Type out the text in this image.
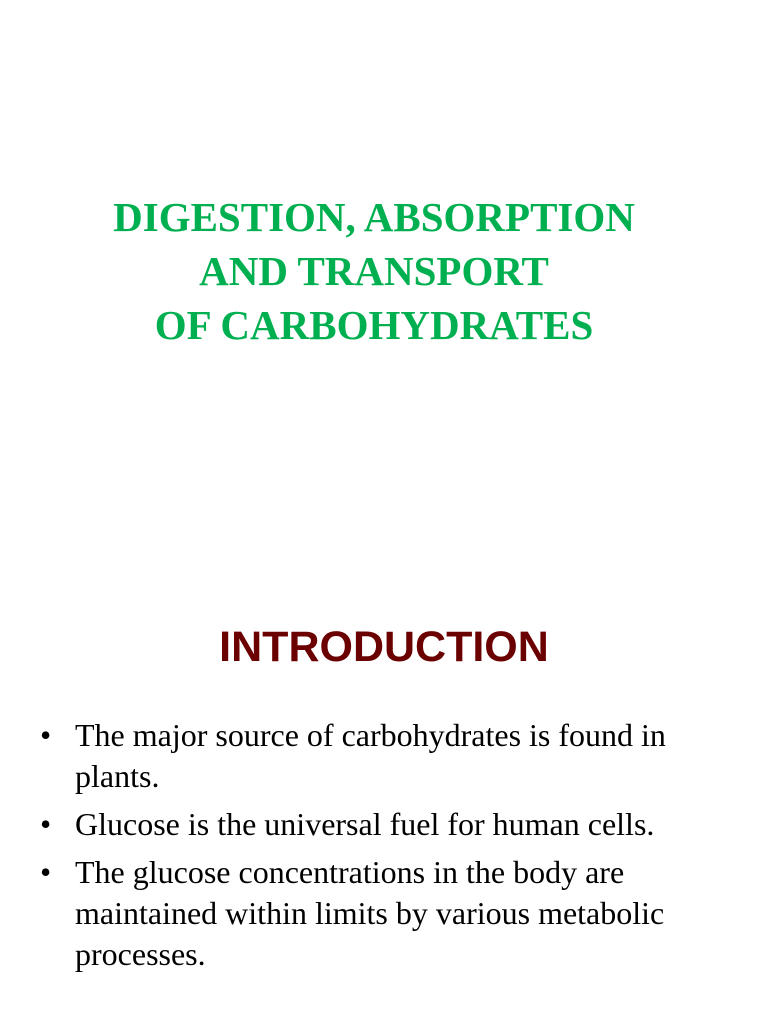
DIGESTION, ABSORPTION
AND TRANSPORT
OF CARBOHYDRATES
INTRODUCTION
• The major source of carbohydrates is found in plants.
• Glucose is the universal fuel for human cells.
• The glucose concentrations in the body are maintained within limits by various metabolic processes.
